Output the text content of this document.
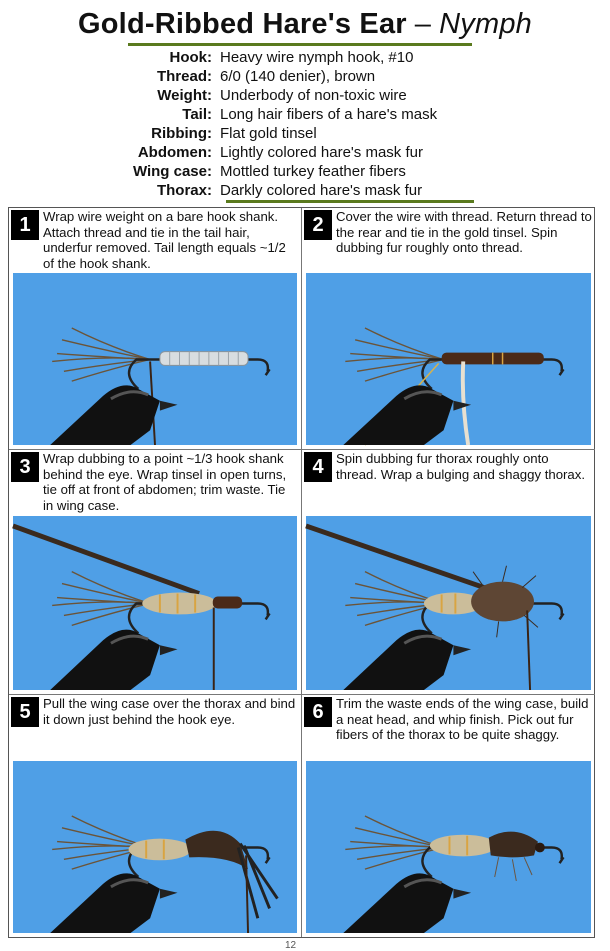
Gold-Ribbed Hare's Ear – Nymph
Hook: Heavy wire nymph hook, #10
Thread: 6/0 (140 denier), brown
Weight: Underbody of non-toxic wire
Tail: Long hair fibers of a hare's mask
Ribbing: Flat gold tinsel
Abdomen: Lightly colored hare's mask fur
Wing case: Mottled turkey feather fibers
Thorax: Darkly colored hare's mask fur
1 Wrap wire weight on a bare hook shank. Attach thread and tie in the tail hair, underfur removed. Tail length equals ~1/2 of the hook shank.
2 Cover the wire with thread. Return thread to the rear and tie in the gold tinsel. Spin dubbing fur roughly onto thread.
3 Wrap dubbing to a point ~1/3 hook shank behind the eye. Wrap tinsel in open turns, tie off at front of abdomen; trim waste. Tie in wing case.
4 Spin dubbing fur thorax roughly onto thread. Wrap a bulging and shaggy thorax.
5 Pull the wing case over the thorax and bind it down just behind the hook eye.	6 Trim the waste ends of the wing case, build a neat head, and whip finish. Pick out fur fibers of the thorax to be quite shaggy.
12
